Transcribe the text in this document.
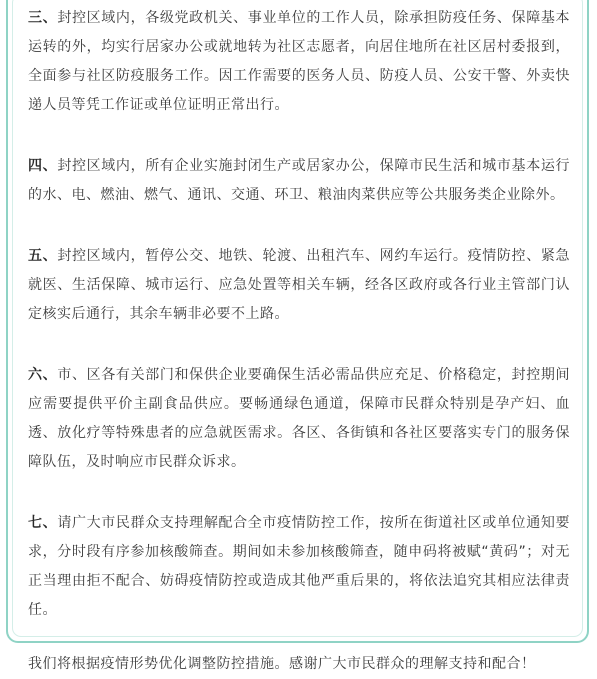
三、封控区域内，各级党政机关、事业单位的工作人员，除承担防疫任务、保障基本运转的外，均实行居家办公或就地转为社区志愿者，向居住地所在社区居村委报到，全面参与社区防疫服务工作。因工作需要的医务人员、防疫人员、公安干警、外卖快递人员等凭工作证或单位证明正常出行。

四、封控区域内，所有企业实施封闭生产或居家办公，保障市民生活和城市基本运行的水、电、燃油、燃气、通讯、交通、环卫、粮油肉菜供应等公共服务类企业除外。

五、封控区域内，暂停公交、地铁、轮渡、出租汽车、网约车运行。疫情防控、紧急就医、生活保障、城市运行、应急处置等相关车辆，经各区政府或各行业主管部门认定核实后通行，其余车辆非必要不上路。

六、市、区各有关部门和保供企业要确保生活必需品供应充足、价格稳定，封控期间应需要提供平价主副食品供应。要畅通绿色通道，保障市民群众特别是孕产妇、血透、放化疗等特殊患者的应急就医需求。各区、各街镇和各社区要落实专门的服务保障队伍，及时响应市民群众诉求。

七、请广大市民群众支持理解配合全市疫情防控工作，按所在街道社区或单位通知要求，分时段有序参加核酸筛查。期间如未参加核酸筛查，随申码将被赋“黄码”；对无正当理由拒不配合、妨碍疫情防控或造成其他严重后果的，将依法追究其相应法律责任。

我们将根据疫情形势优化调整防控措施。感谢广大市民群众的理解支持和配合！
